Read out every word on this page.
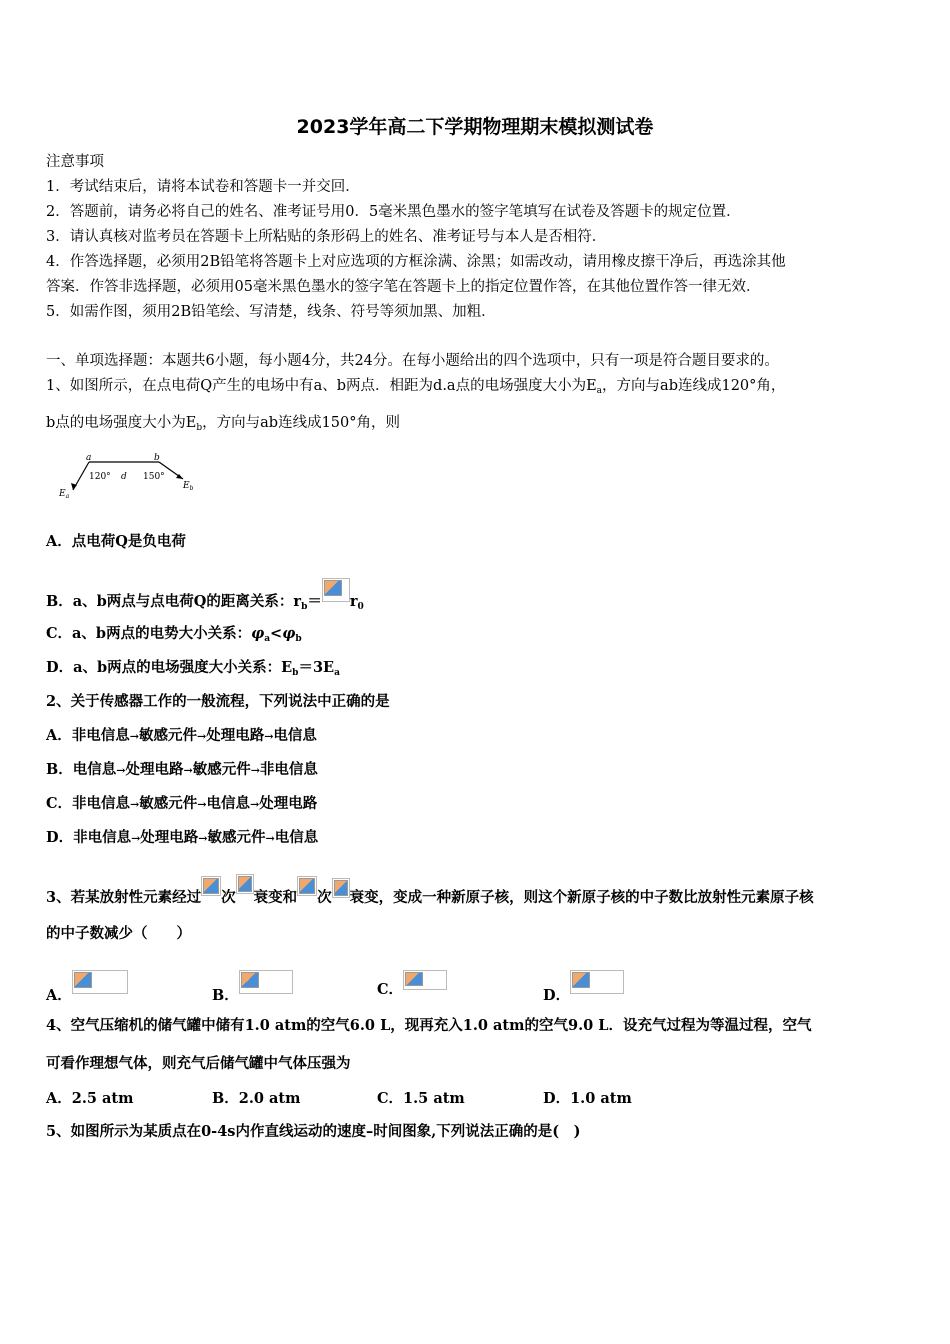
2023学年高二下学期物理期末模拟测试卷
注意事项
1．考试结束后，请将本试卷和答题卡一并交回．
2．答题前，请务必将自己的姓名、准考证号用0．5毫米黑色墨水的签字笔填写在试卷及答题卡的规定位置．
3．请认真核对监考员在答题卡上所粘贴的条形码上的姓名、准考证号与本人是否相符．
4．作答选择题，必须用2B铅笔将答题卡上对应选项的方框涂满、涂黑；如需改动，请用橡皮擦干净后，再选涂其他
答案．作答非选择题，必须用05毫米黑色墨水的签字笔在答题卡上的指定位置作答，在其他位置作答一律无效．
5．如需作图，须用2B铅笔绘、写清楚，线条、符号等须加黑、加粗．
一、单项选择题：本题共6小题，每小题4分，共24分。在每小题给出的四个选项中，只有一项是符合题目要求的。
1、如图所示，在点电荷Q产生的电场中有a、b两点．相距为d.a点的电场强度大小为$E_a$，方向与ab连线成120°角，
b点的电场强度大小为$E_b$，方向与ab连线成150°角，则
a	b
120° d 150°
$E_a$
$E_b$
A．点电荷Q是负电荷
B．a、b两点与点电荷Q的距离关系：$r_b= r_0$
C．a、b两点的电势大小关系：$\varphi_a<\varphi_b$
D．a、b两点的电场强度大小关系：$E_b=3E_a$
2、关于传感器工作的一般流程，下列说法中正确的是
A．非电信息→敏感元件→处理电路→电信息
B．电信息→处理电路→敏感元件→非电信息
C．非电信息→敏感元件→电信息→处理电路
D．非电信息→处理电路→敏感元件→电信息
3、若某放射性元素经过 次 衰变和 次 衰变，变成一种新原子核，则这个新原子核的中子数比放射性元素原子核
的中子数减少（　　）
A．	B．	C．	D．
4、空气压缩机的储气罐中储有1.0 atm的空气6.0 L，现再充入1.0 atm的空气9.0 L．设充气过程为等温过程，空气
可看作理想气体，则充气后储气罐中气体压强为
A．2.5 atm	B．2.0 atm	C．1.5 atm	D．1.0 atm
5、如图所示为某质点在0-4s内作直线运动的速度–时间图象,下列说法正确的是(　)
